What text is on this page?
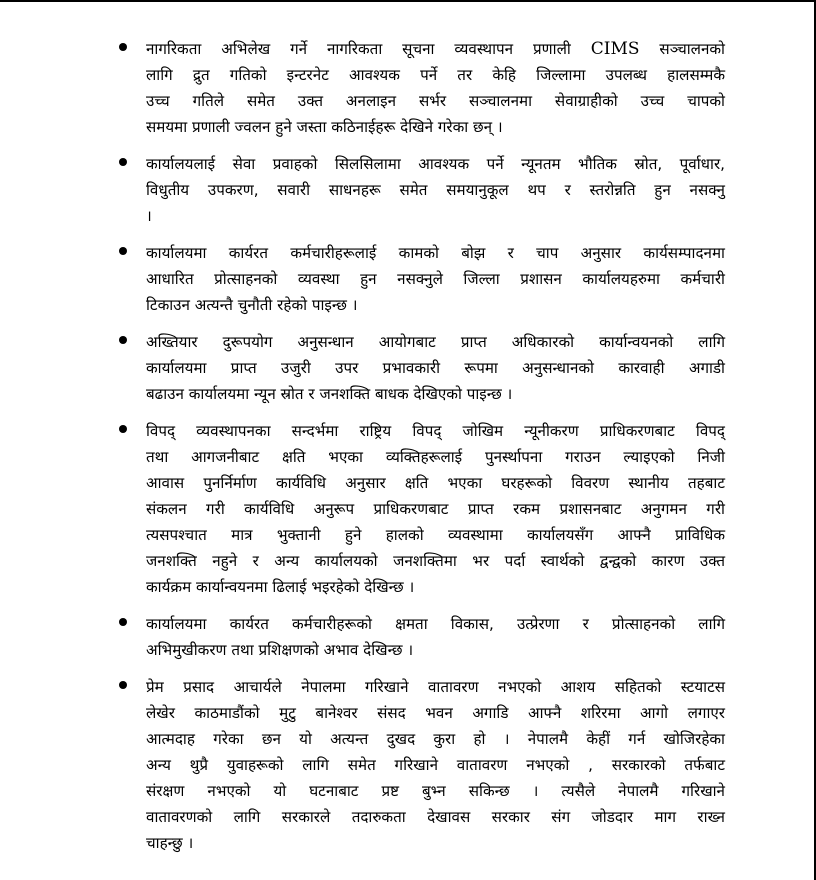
नागरिकता अभिलेख गर्ने नागरिकता सूचना व्यवस्थापन प्रणाली CIMS सञ्चालनको
लागि द्रुत गतिको इन्टरनेट आवश्यक पर्ने तर केहि जिल्लामा उपलब्ध हालसम्मकै
उच्च गतिले समेत उक्त अनलाइन सर्भर सञ्चालनमा सेवाग्राहीको उच्च चापको
समयमा प्रणाली ज्वलन हुने जस्ता कठिनाईहरू देखिने गरेका छन् ।
कार्यालयलाई सेवा प्रवाहको सिलसिलामा आवश्यक पर्ने न्यूनतम भौतिक स्रोत, पूर्वाधार,
विधुतीय उपकरण, सवारी साधनहरू समेत समयानुकूल थप र स्तरोन्नति हुन नसक्नु
।
कार्यालयमा कार्यरत कर्मचारीहरूलाई कामको बोझ र चाप अनुसार कार्यसम्पादनमा
आधारित प्रोत्साहनको व्यवस्था हुन नसक्नुले जिल्ला प्रशासन कार्यालयहरुमा कर्मचारी
टिकाउन अत्यन्तै चुनौती रहेको पाइन्छ ।
अख्तियार दुरूपयोग अनुसन्धान आयोगबाट प्राप्त अधिकारको कार्यान्वयनको लागि
कार्यालयमा प्राप्त उजुरी उपर प्रभावकारी रूपमा अनुसन्धानको कारवाही अगाडी
बढाउन कार्यालयमा न्यून स्रोत र जनशक्ति बाधक देखिएको पाइन्छ ।
विपद् व्यवस्थापनका सन्दर्भमा राष्ट्रिय विपद् जोखिम न्यूनीकरण प्राधिकरणबाट विपद्
तथा आगजनीबाट क्षति भएका व्यक्तिहरूलाई पुनर्स्थापना गराउन ल्याइएको निजी
आवास पुनर्निर्माण कार्यविधि अनुसार क्षति भएका घरहरूको विवरण स्थानीय तहबाट
संकलन गरी कार्यविधि अनुरूप प्राधिकरणबाट प्राप्त रकम प्रशासनबाट अनुगमन गरी
त्यसपश्चात मात्र भुक्तानी हुने हालको व्यवस्थामा कार्यालयसँग आफ्नै प्राविधिक
जनशक्ति नहुने र अन्य कार्यालयको जनशक्तिमा भर पर्दा स्वार्थको द्वन्द्वको कारण उक्त
कार्यक्रम कार्यान्वयनमा ढिलाई भइरहेको देखिन्छ ।
कार्यालयमा कार्यरत कर्मचारीहरूको क्षमता विकास, उत्प्रेरणा र प्रोत्साहनको लागि
अभिमुखीकरण तथा प्रशिक्षणको अभाव देखिन्छ ।
प्रेम प्रसाद आचार्यले नेपालमा गरिखाने वातावरण नभएको आशय सहितको स्टयाटस
लेखेर काठमाडौंको मुटु बानेश्वर संसद भवन अगाडि आफ्नै शरिरमा आगो लगाएर
आत्मदाह गरेका छन यो अत्यन्त दुखद कुरा हो । नेपालमै केहीं गर्न खोजिरहेका
अन्य थुप्रै युवाहरूको लागि समेत गरिखाने वातावरण नभएको , सरकारको तर्फबाट
संरक्षण नभएको यो घटनाबाट प्रष्ट बुभ्न सकिन्छ । त्यसैले नेपालमै गरिखाने
वातावरणको लागि सरकारले तदारुकता देखावस सरकार संग जोडदार माग राख्न
चाहन्छु ।
